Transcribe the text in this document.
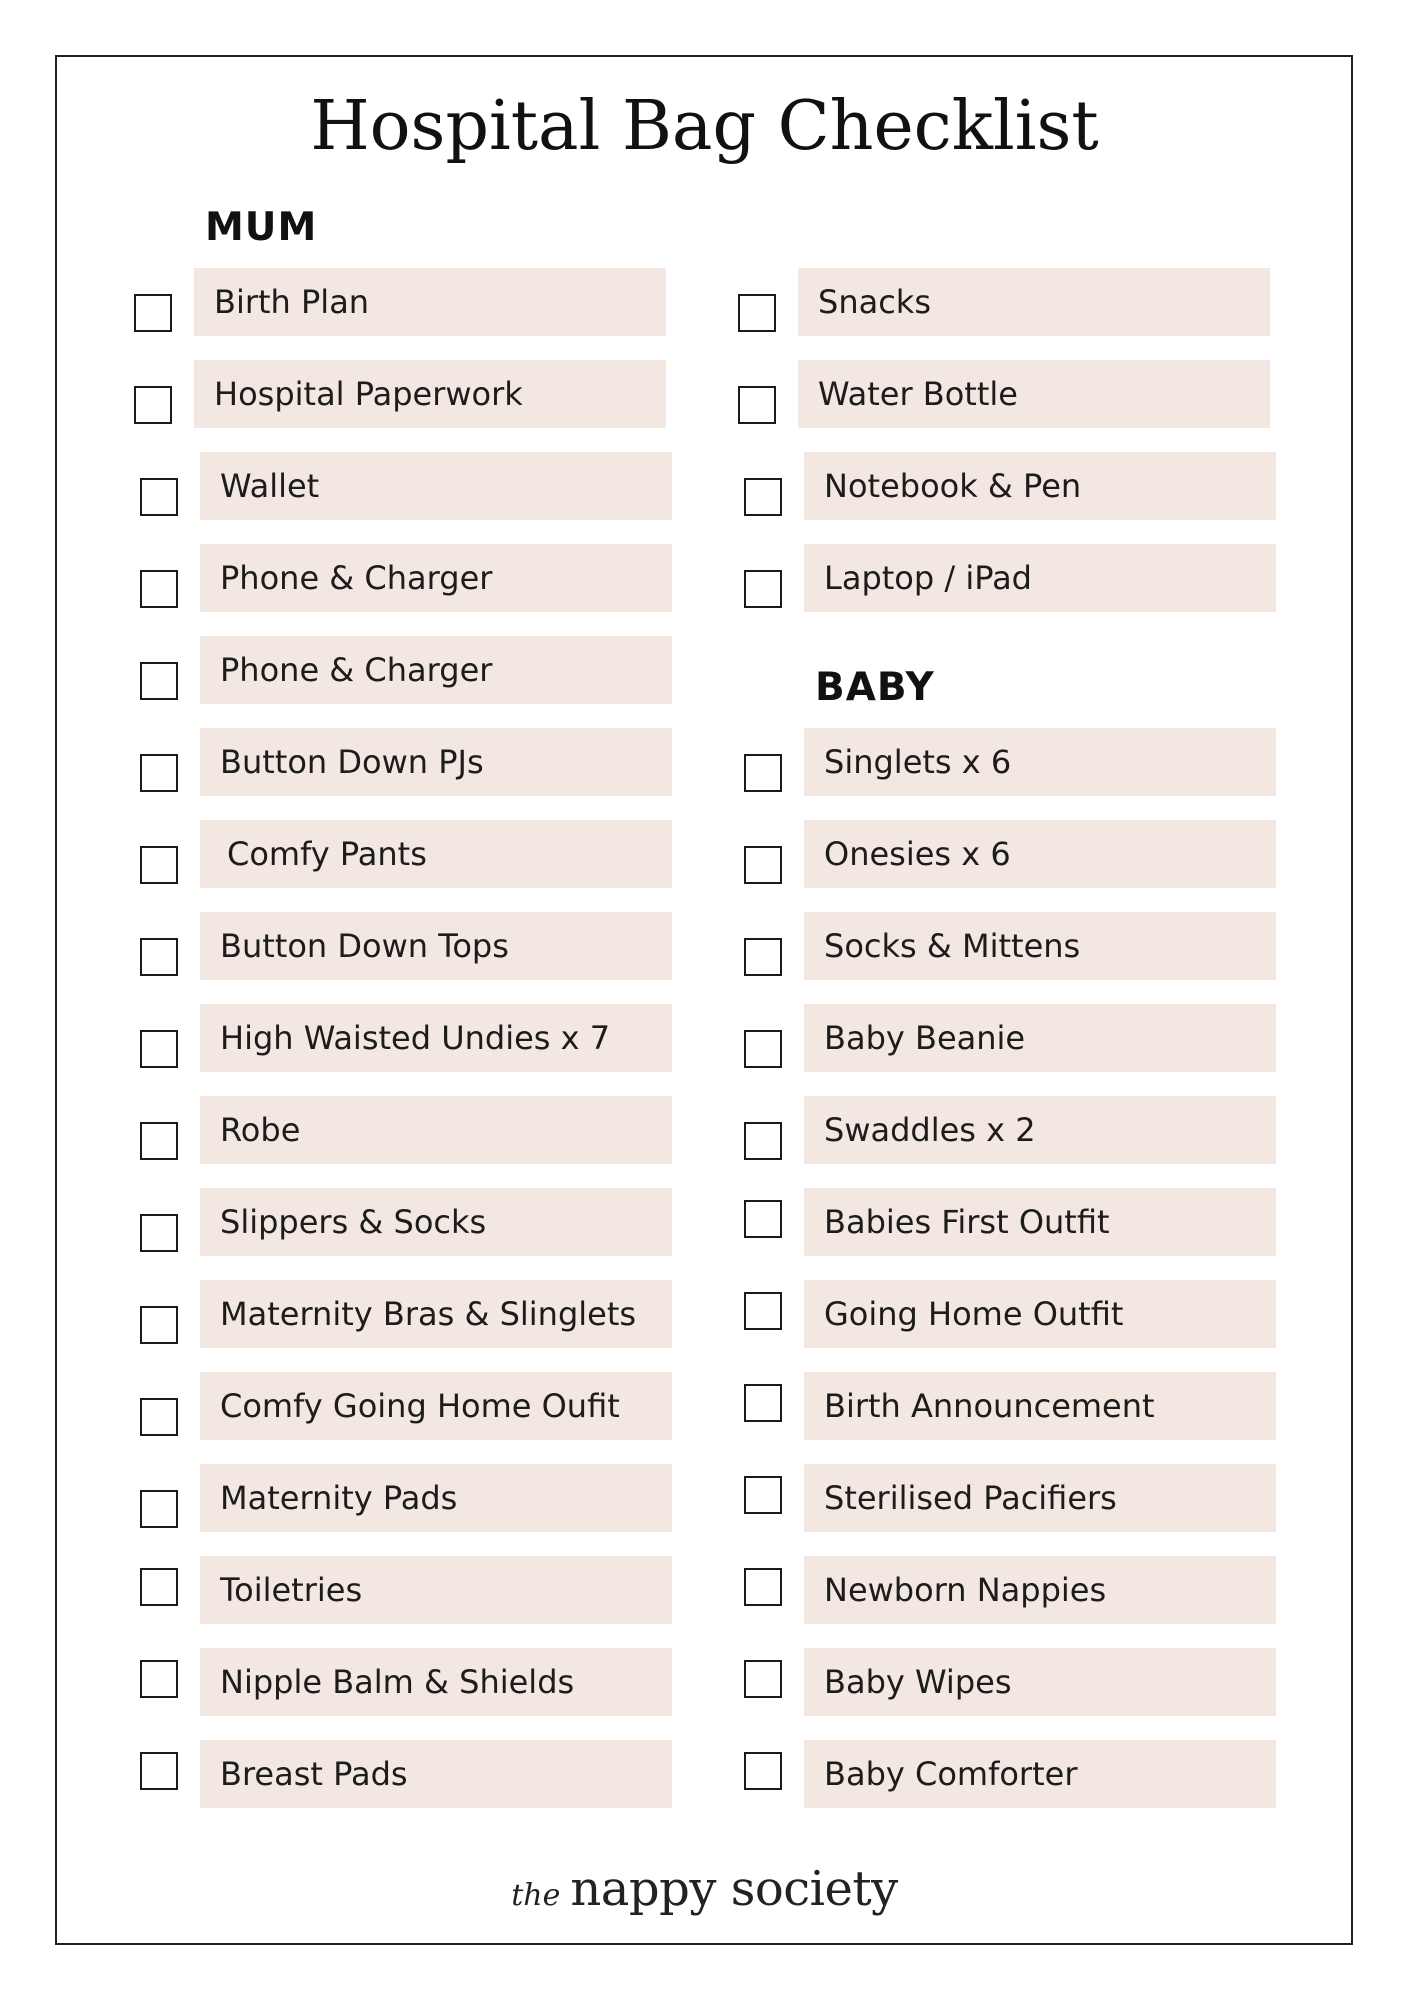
Hospital Bag Checklist
MUM
BABY
Birth Plan
Hospital Paperwork
Wallet
Phone & Charger
Phone & Charger
Button Down PJs
Comfy Pants
Button Down Tops
High Waisted Undies x 7
Robe
Slippers & Socks
Maternity Bras & Slinglets
Comfy Going Home Oufit
Maternity Pads
Toiletries
Nipple Balm & Shields
Breast Pads
Snacks
Water Bottle
Notebook & Pen
Laptop / iPad
Singlets x 6
Onesies x 6
Socks & Mittens
Baby Beanie
Swaddles x 2
Babies First Outfit
Going Home Outfit
Birth Announcement
Sterilised Pacifiers
Newborn Nappies
Baby Wipes
Baby Comforter
the nappy society
